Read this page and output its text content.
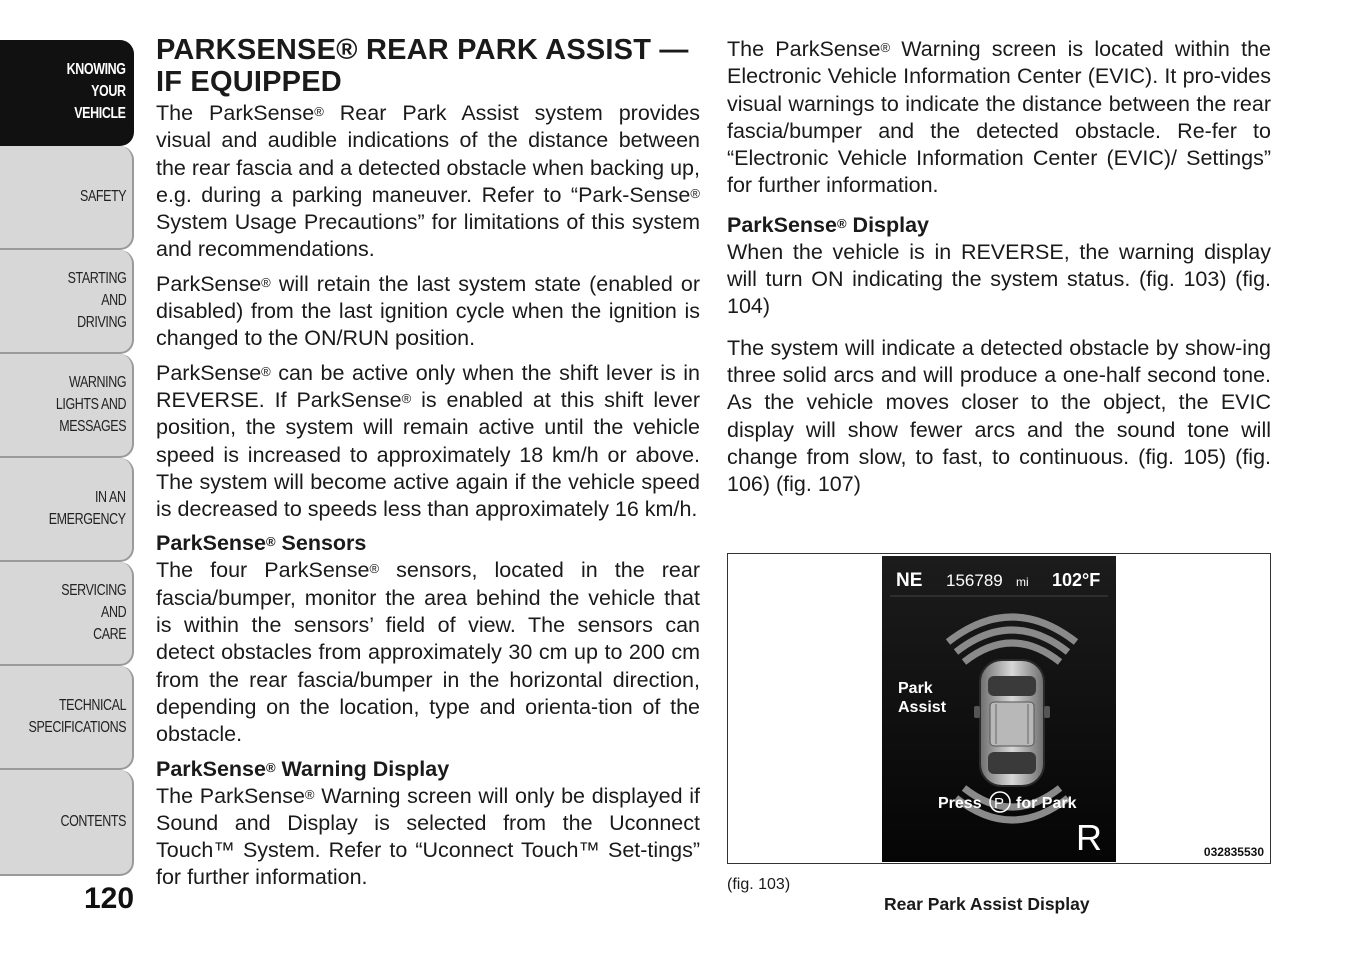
KNOWING
YOUR
VEHICLE
SAFETY
STARTING
AND
DRIVING
WARNING
LIGHTS AND
MESSAGES
IN AN
EMERGENCY
SERVICING
AND
CARE
TECHNICAL
SPECIFICATIONS
CONTENTS
120
PARKSENSE® REAR PARK ASSIST — IF EQUIPPED

The ParkSense® Rear Park Assist system provides visual and audible indications of the distance between the rear fascia and a detected obstacle when backing up, e.g. during a parking maneuver. Refer to “Park-Sense® System Usage Precautions” for limitations of this system and recommendations.

ParkSense® will retain the last system state (enabled or disabled) from the last ignition cycle when the ignition is changed to the ON/RUN position.

ParkSense® can be active only when the shift lever is in REVERSE. If ParkSense® is enabled at this shift lever position, the system will remain active until the vehicle speed is increased to approximately 18 km/h or above. The system will become active again if the vehicle speed is decreased to speeds less than approximately 16 km/h.

ParkSense® Sensors

The four ParkSense® sensors, located in the rear fascia/bumper, monitor the area behind the vehicle that is within the sensors’ field of view. The sensors can detect obstacles from approximately 30 cm up to 200 cm from the rear fascia/bumper in the horizontal direction, depending on the location, type and orienta-tion of the obstacle.

ParkSense® Warning Display

The ParkSense® Warning screen will only be displayed if Sound and Display is selected from the Uconnect Touch™ System. Refer to “Uconnect Touch™ Set-tings” for further information.

The ParkSense® Warning screen is located within the Electronic Vehicle Information Center (EVIC). It pro-vides visual warnings to indicate the distance between the rear fascia/bumper and the detected obstacle. Re-fer to “Electronic Vehicle Information Center (EVIC)/ Settings” for further information.

ParkSense® Display

When the vehicle is in REVERSE, the warning display will turn ON indicating the system status. (fig. 103) (fig. 104)

The system will indicate a detected obstacle by show-ing three solid arcs and will produce a one-half second tone. As the vehicle moves closer to the object, the EVIC display will show fewer arcs and the sound tone will change from slow, to fast, to continuous. (fig. 105) (fig. 106) (fig. 107)

NE 156789 mi 102°F
Park
Assist
Press P for Park
R	032835530
(fig. 103)
Rear Park Assist Display
